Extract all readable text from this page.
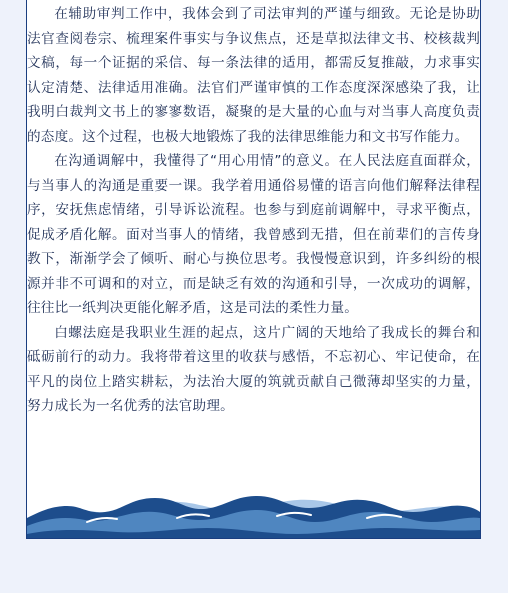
在辅助审判工作中，我体会到了司法审判的严谨与细致。无论是协助法官查阅卷宗、梳理案件事实与争议焦点，还是草拟法律文书、校核裁判文稿，每一个证据的采信、每一条法律的适用，都需反复推敲，力求事实认定清楚、法律适用准确。法官们严谨审慎的工作态度深深感染了我，让我明白裁判文书上的寥寥数语，凝聚的是大量的心血与对当事人高度负责的态度。这个过程，也极大地锻炼了我的法律思维能力和文书写作能力。

在沟通调解中，我懂得了“用心用情”的意义。在人民法庭直面群众，与当事人的沟通是重要一课。我学着用通俗易懂的语言向他们解释法律程序，安抚焦虑情绪，引导诉讼流程。也参与到庭前调解中，寻求平衡点，促成矛盾化解。面对当事人的情绪，我曾感到无措，但在前辈们的言传身教下，渐渐学会了倾听、耐心与换位思考。我慢慢意识到，许多纠纷的根源并非不可调和的对立，而是缺乏有效的沟通和引导，一次成功的调解，往往比一纸判决更能化解矛盾，这是司法的柔性力量。

白螺法庭是我职业生涯的起点，这片广阔的天地给了我成长的舞台和砥砺前行的动力。我将带着这里的收获与感悟，不忘初心、牢记使命，在平凡的岗位上踏实耕耘，为法治大厦的筑就贡献自己微薄却坚实的力量，努力成长为一名优秀的法官助理。
